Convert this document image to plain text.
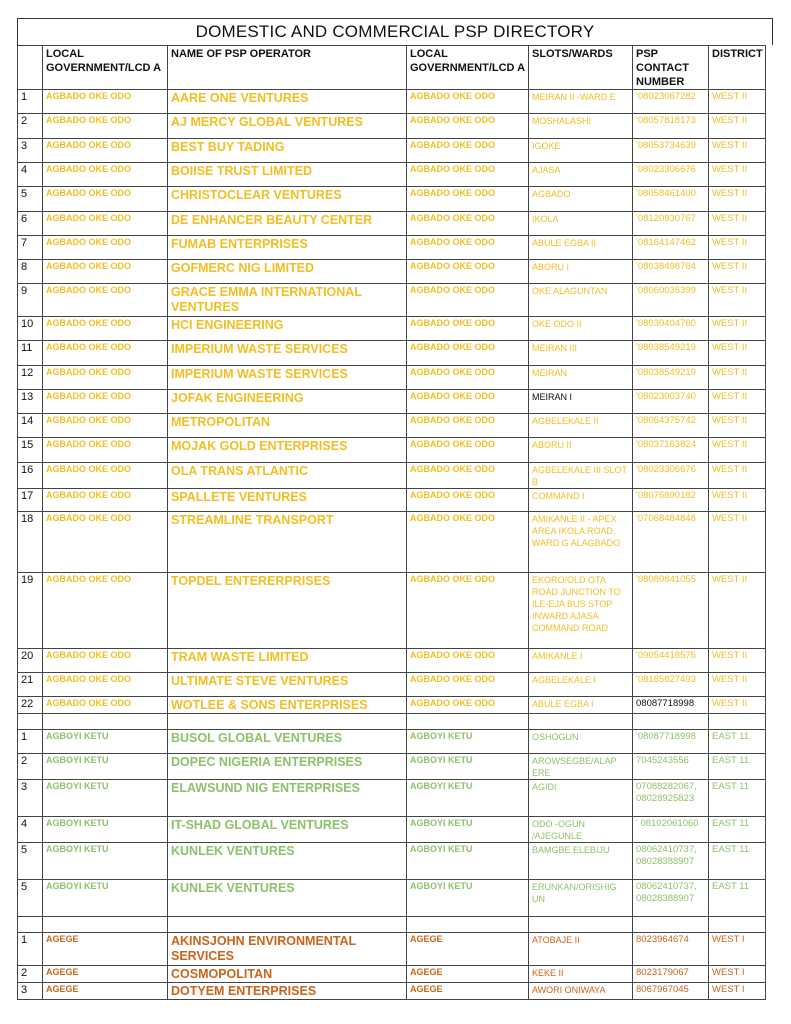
DOMESTIC AND COMMERCIAL PSP DIRECTORY
	LOCAL GOVERNMENT/LCD A	NAME OF PSP OPERATOR	LOCAL GOVERNMENT/LCD A	SLOTS/WARDS	PSP CONTACT NUMBER	DISTRICT
1	AGBADO OKE ODO	AARE ONE VENTURES	AGBADO OKE ODO	MEIRAN II -WARD E	'08023067282	WEST II
2	AGBADO OKE ODO	AJ MERCY GLOBAL VENTURES	AGBADO OKE ODO	MOSHALASHI	'08057818173	WEST II
3	AGBADO OKE ODO	BEST BUY TADING	AGBADO OKE ODO	IGOKE	'08053734639	WEST II
4	AGBADO OKE ODO	BOIISE TRUST LIMITED	AGBADO OKE ODO	AJASA	'08023306676	WEST II
5	AGBADO OKE ODO	CHRISTOCLEAR VENTURES	AGBADO OKE ODO	AGBADO	'08058461400	WEST II
6	AGBADO OKE ODO	DE ENHANCER BEAUTY CENTER	AGBADO OKE ODO	IKOLA	'08120930767	WEST II
7	AGBADO OKE ODO	FUMAB ENTERPRISES	AGBADO OKE ODO	ABULE EGBA II	'08164147462	WEST II
8	AGBADO OKE ODO	GOFMERC NIG LIMITED	AGBADO OKE ODO	ABORU I	'08038498764	WEST II
9	AGBADO OKE ODO	GRACE EMMA INTERNATIONAL VENTURES	AGBADO OKE ODO	OKE ALAGUNTAN	'08060035399	WEST II
10	AGBADO OKE ODO	HCI ENGINEERING	AGBADO OKE ODO	OKE ODO II	'08030404760	WEST II
11	AGBADO OKE ODO	IMPERIUM WASTE SERVICES	AGBADO OKE ODO	MEIRAN III	'08038549219	WEST II
12	AGBADO OKE ODO	IMPERIUM WASTE SERVICES	AGBADO OKE ODO	MEIRAN	'08038549219	WEST II
13	AGBADO OKE ODO	JOFAK ENGINEERING	AGBADO OKE ODO	MEIRAN I	'08023003740	WEST II
14	AGBADO OKE ODO	METROPOLITAN	AGBADO OKE ODO	AGBELEKALE II	'08064375742	WEST II
15	AGBADO OKE ODO	MOJAK GOLD ENTERPRISES	AGBADO OKE ODO	ABORU II	'08037163824	WEST II
16	AGBADO OKE ODO	OLA TRANS ATLANTIC	AGBADO OKE ODO	AGBELEKALE III SLOT B	'08023306676	WEST II
17	AGBADO OKE ODO	SPALLETE VENTURES	AGBADO OKE ODO	COMMAND I	'08075890182	WEST II
18	AGBADO OKE ODO	STREAMLINE TRANSPORT	AGBADO OKE ODO	AMIKANLE II - APEX AREA IKOLA ROAD, WARD G ALAGBADO	'07068484848	WEST II
19	AGBADO OKE ODO	TOPDEL ENTERERPRISES	AGBADO OKE ODO	EKORO/OLD OTA ROAD JUNCTION TO ILE-EJA BUS STOP INWARD AJASA COMMAND ROAD	'08080841055	WEST II
20	AGBADO OKE ODO	TRAM WASTE LIMITED	AGBADO OKE ODO	AMIKANLE I	'09054418575	WEST II
21	AGBADO OKE ODO	ULTIMATE STEVE VENTURES	AGBADO OKE ODO	AGBELEKALE I	'08185827493	WEST II
22	AGBADO OKE ODO	WOTLEE & SONS ENTERPRISES	AGBADO OKE ODO	ABULE EGBA I	08087718998	WEST II

1	AGBOYI KETU	BUSOL GLOBAL VENTURES	AGBOYI KETU	OSHOGUN	'08087718998	EAST 11
2	AGBOYI KETU	DOPEC NIGERIA ENTERPRISES	AGBOYI KETU	AROWSEGBE/ALAP ERE	7045243556	EAST 11
3	AGBOYI KETU	ELAWSUND NIG ENTERPRISES	AGBOYI KETU	AGIDI	07088282067, 08028925823	EAST 11
4	AGBOYI KETU	IT-SHAD GLOBAL VENTURES	AGBOYI KETU	ODO -OGUN /AJEGUNLE	' 08102061060	EAST 11
5	AGBOYI KETU	KUNLEK VENTURES	AGBOYI KETU	BAMGBE ELEBIJU	08062410737, 08028388907	EAST 11
5	AGBOYI KETU	KUNLEK VENTURES	AGBOYI KETU	ERUNKAN/ORISHIG UN	08062410737, 08028388907	EAST 11

1	AGEGE	AKINSJOHN ENVIRONMENTAL SERVICES	AGEGE	ATOBAJE II	8023964674	WEST I
2	AGEGE	COSMOPOLITAN	AGEGE	KEKE II	8023179067	WEST I
3	AGEGE	DOTYEM ENTERPRISES	AGEGE	AWORI ONIWAYA	8067967045	WEST I
